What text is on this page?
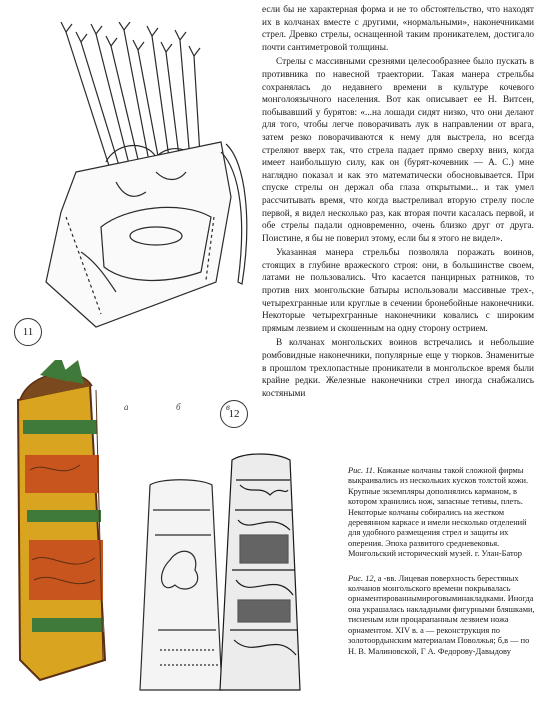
11
12
а	б	в

если бы не характерная форма и не то обстоятельство, что находят их в колчанах вместе с другими, «нормальными», наконечниками стрел. Древко стрелы, оснащенной таким проникателем, достигало почти сантиметровой толщины.

Стрелы с массивными срезнями целесообразнее было пускать в противника по навесной траектории. Такая манера стрельбы сохранялась до недавнего времени в культуре кочевого монголоязычного населения. Вот как описывает ее Н. Витсен, побывавший у бурятов: «...на лошади сидят низко, что они делают для того, чтобы легче поворачивать лук в направлении от врага, затем резко поворачиваются к нему для выстрела, но всегда стреляют вверх так, что стрела падает прямо сверху вниз, когда имеет наибольшую силу, как он (бурят-кочевник — А. С.) мне наглядно показал и как это математически обосновывается. При спуске стрелы он держал оба глаза открытыми... и так умел рассчитывать время, что когда выстреливал вторую стрелу после первой, я видел несколько раз, как вторая почти касалась первой, и обе стрелы падали одновременно, очень близко друг от друга. Поистине, я бы не поверил этому, если бы я этого не видел».

Указанная манера стрельбы позволяла поражать воинов, стоящих в глубине вражеского строя: они, в большинстве своем, латами не пользовались. Что касается панцирных ратников, то против них монгольские батыры использовали массивные трех-, четырехгранные или круглые в сечении бронебойные наконечники. Некоторые четырехгранные наконечники ковались с широким прямым лезвием и скошенным на одну сторону острием.

В колчанах монгольских воинов встречались и небольшие ромбовидные наконечники, популярные еще у тюрков. Знаменитые в прошлом трехлопастные проникатели в монгольское время были крайне редки. Железные наконечники стрел иногда снабжались костяными

Рис. 11. Кожаные колчаны такой сложной фирмы выкраивались из нескольких кусков толстой кожи. Крупные экземпляры дополнялись карманом, в котором хранились нож, запасные тетивы, плеть. Некоторые колчаны собирались на жестком деревянном каркасе и имели несколько отделений для удобного размещения стрел и защиты их оперения. Эпоха развитого средневековья. Монгольский исторический музей. г. Улан-Батор

Рис. 12, а -вв. Лицевая поверхность берестяных колчанов монгольского времени покрывалась орнаментированнымироговыминакладками. Иногда она украшалась накладными фигурными бляшками, тисненым или процарапанным лезвием ножа орнаментом. XIV в. а — реконструкция по золотоордынским материалам Поволжья; б,в — по Н. В. Малиновской, Г А. Федорову-Давыдову
